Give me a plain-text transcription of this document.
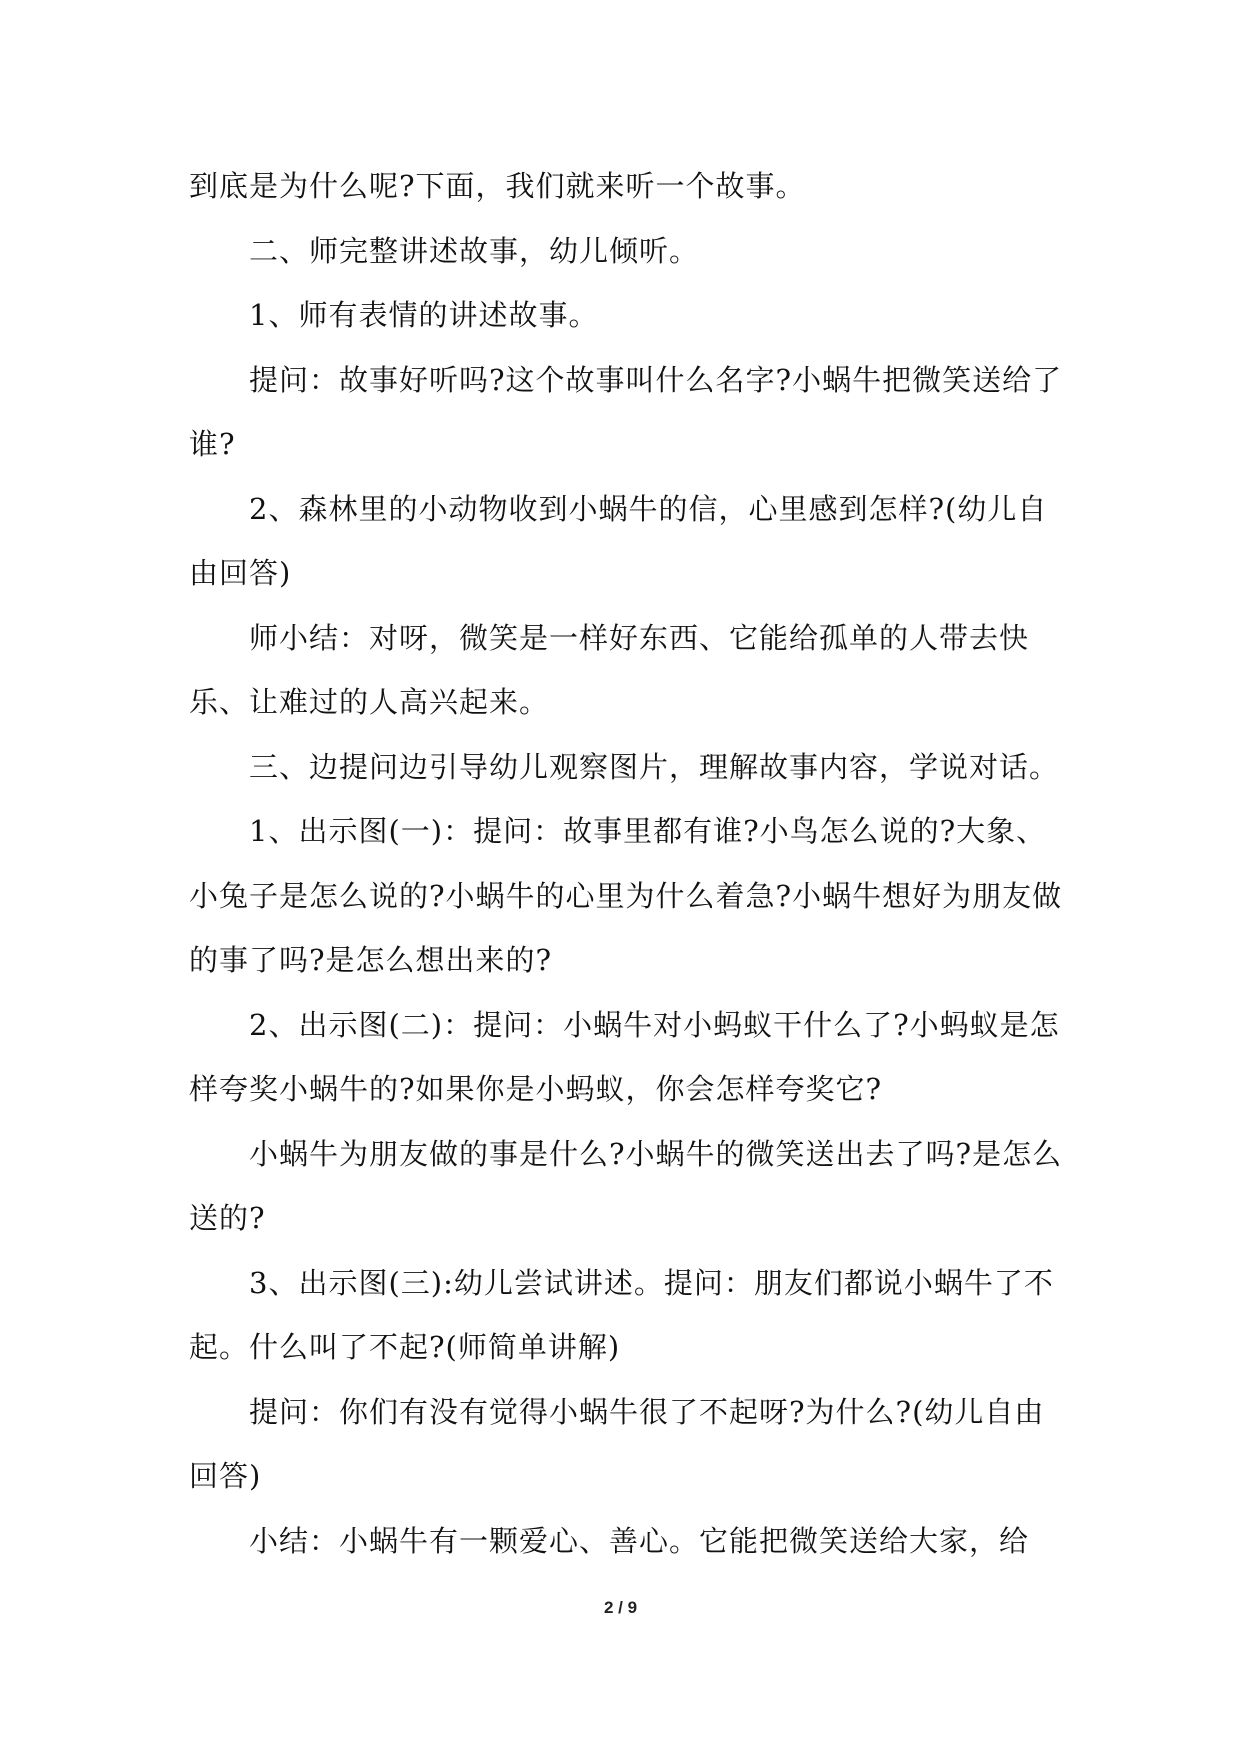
到底是为什么呢?下面，我们就来听一个故事。

二、师完整讲述故事，幼儿倾听。

1、师有表情的讲述故事。

提问：故事好听吗?这个故事叫什么名字?小蜗牛把微笑送给了谁?

2、森林里的小动物收到小蜗牛的信，心里感到怎样?(幼儿自由回答)

师小结：对呀，微笑是一样好东西、它能给孤单的人带去快乐、让难过的人高兴起来。

三、边提问边引导幼儿观察图片，理解故事内容，学说对话。

1、出示图(一)：提问：故事里都有谁?小鸟怎么说的?大象、小兔子是怎么说的?小蜗牛的心里为什么着急?小蜗牛想好为朋友做的事了吗?是怎么想出来的?

2、出示图(二)：提问：小蜗牛对小蚂蚁干什么了?小蚂蚁是怎样夸奖小蜗牛的?如果你是小蚂蚁，你会怎样夸奖它?

小蜗牛为朋友做的事是什么?小蜗牛的微笑送出去了吗?是怎么送的?

3、出示图(三):幼儿尝试讲述。提问：朋友们都说小蜗牛了不起。什么叫了不起?(师简单讲解)

提问：你们有没有觉得小蜗牛很了不起呀?为什么?(幼儿自由回答)

小结：小蜗牛有一颗爱心、善心。它能把微笑送给大家，给

2 / 9
